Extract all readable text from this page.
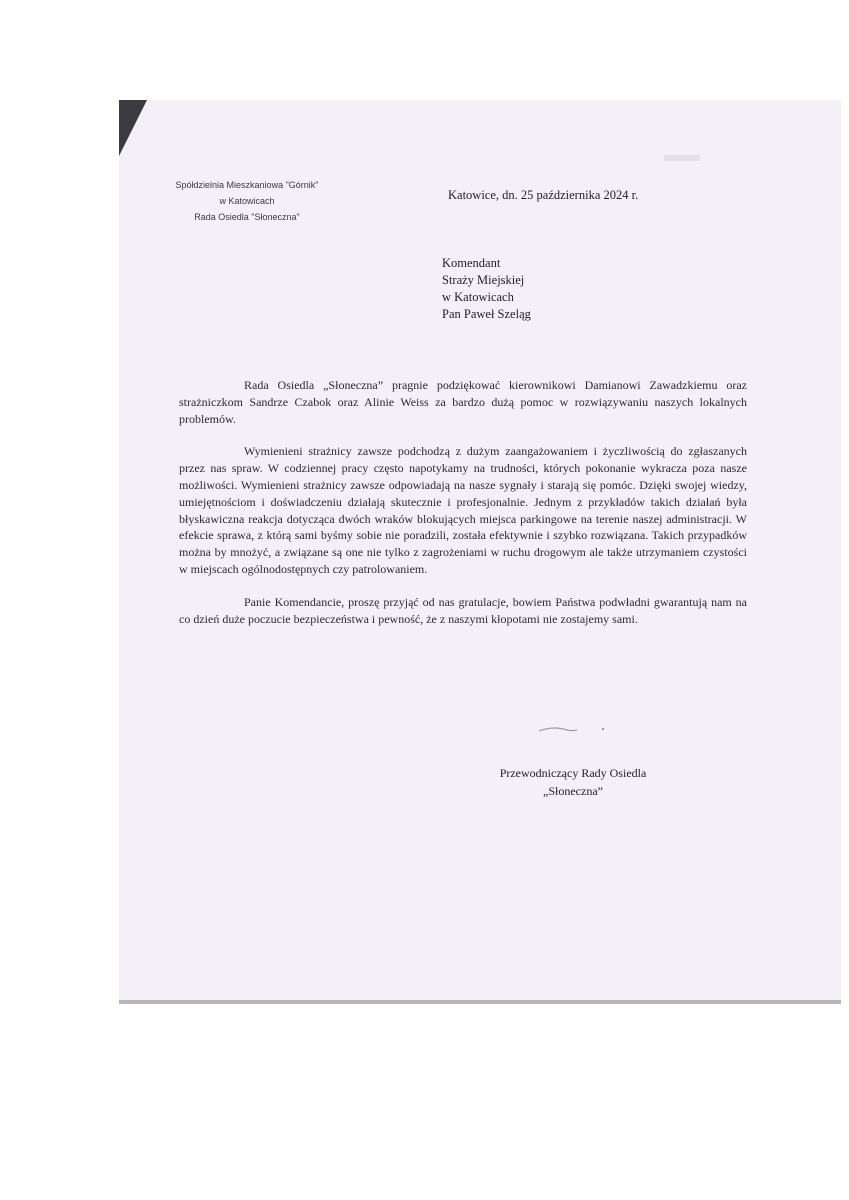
Spółdzielnia Mieszkaniowa "Górnik"
w Katowicach
Rada Osiedla "Słoneczna"
Katowice, dn. 25 października 2024 r.
Komendant
Straży Miejskiej
w Katowicach
Pan Paweł Szeląg

Rada Osiedla „Słoneczna” pragnie podziękować kierownikowi Damianowi Zawadzkiemu oraz strażniczkom Sandrze Czabok oraz Alinie Weiss za bardzo dużą pomoc w rozwiązywaniu naszych lokalnych problemów.

Wymienieni strażnicy zawsze podchodzą z dużym zaangażowaniem i życzliwością do zgłaszanych przez nas spraw. W codziennej pracy często napotykamy na trudności, których pokonanie wykracza poza nasze możliwości. Wymienieni strażnicy zawsze odpowiadają na nasze sygnały i starają się pomóc. Dzięki swojej wiedzy, umiejętnościom i doświadczeniu działają skutecznie i profesjonalnie. Jednym z przykładów takich działań była błyskawiczna reakcja dotycząca dwóch wraków blokujących miejsca parkingowe na terenie naszej administracji. W efekcie sprawa, z którą sami byśmy sobie nie poradzili, została efektywnie i szybko rozwiązana. Takich przypadków można by mnożyć, a związane są one nie tylko z zagrożeniami w ruchu drogowym ale także utrzymaniem czystości w miejscach ogólnodostępnych czy patrolowaniem.

Panie Komendancie, proszę przyjąć od nas gratulacje, bowiem Państwa podwładni gwarantują nam na co dzień duże poczucie bezpieczeństwa i pewność, że z naszymi kłopotami nie zostajemy sami.

Przewodniczący Rady Osiedla
„Słoneczna”
